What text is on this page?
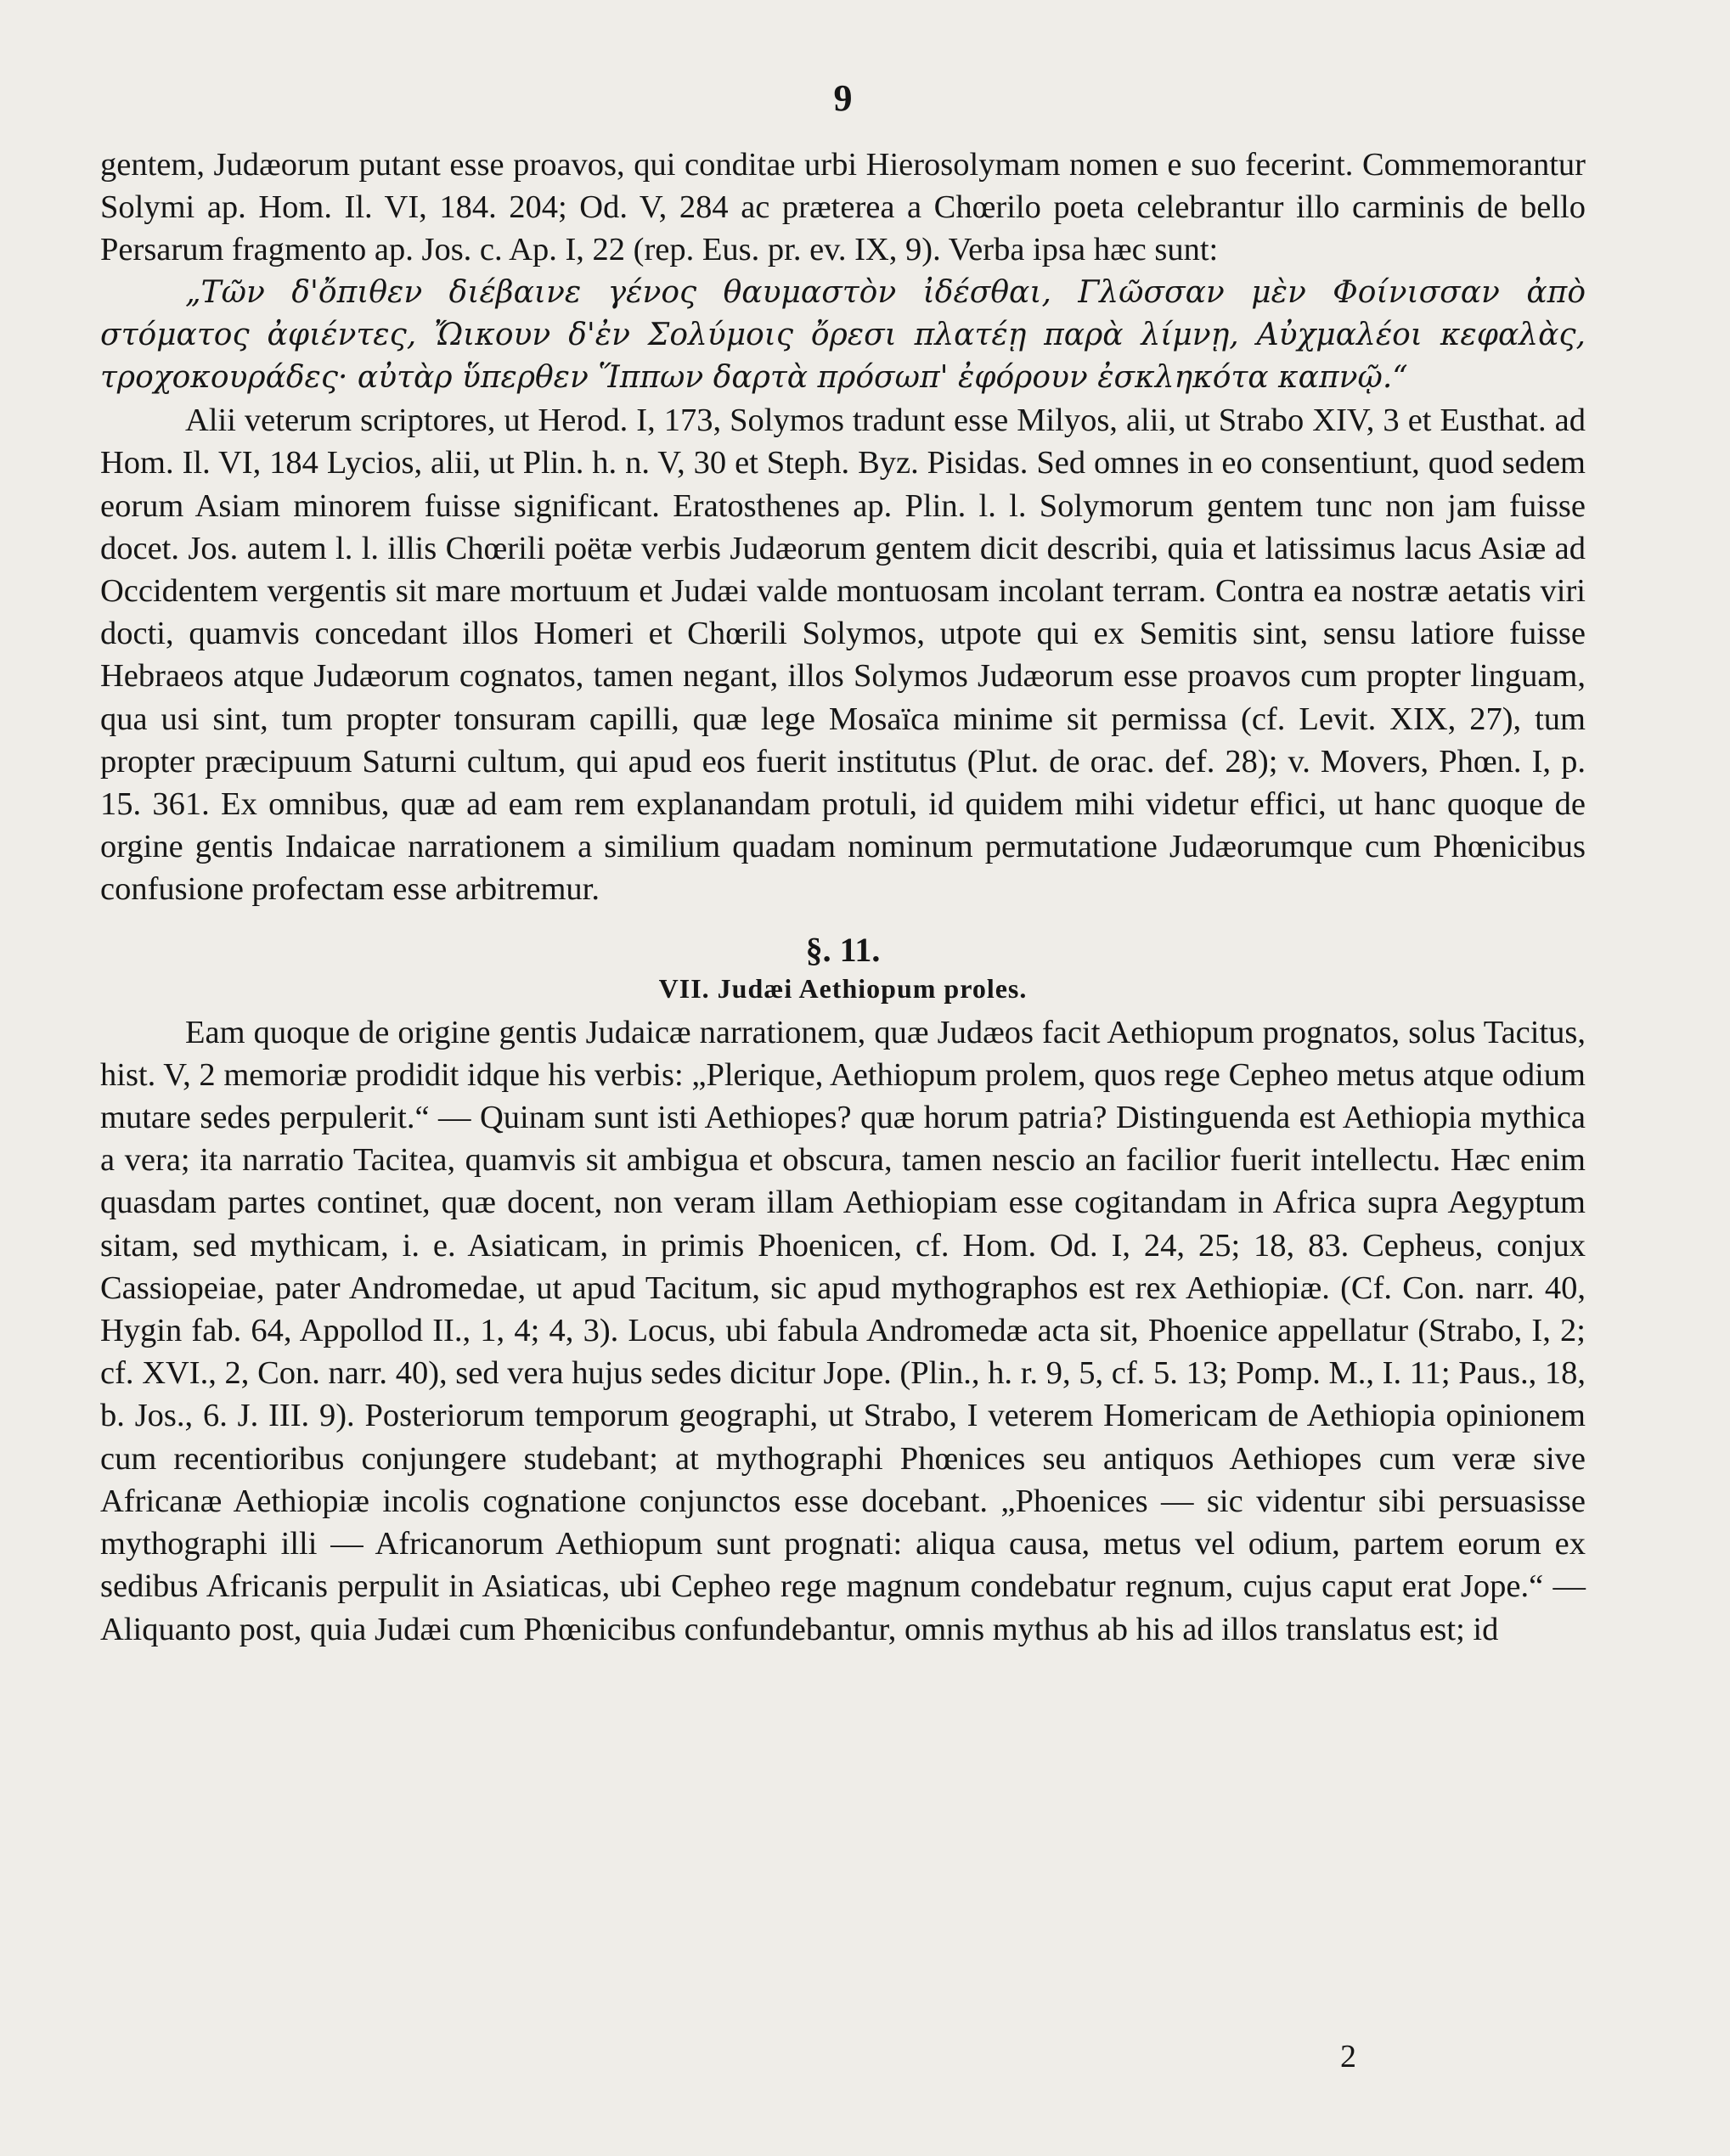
9

gentem, Judæorum putant esse proavos, qui conditae urbi Hierosolymam nomen e suo fecerint. Commemorantur Solymi ap. Hom. Il. VI, 184. 204; Od. V, 284 ac præterea a Chœrilo poeta celebrantur illo carminis de bello Persarum fragmento ap. Jos. c. Ap. I, 22 (rep. Eus. pr. ev. IX, 9). Verba ipsa hæc sunt:

„Τῶν δ'ὄπιθεν διέβαινε γένος θαυμαστὸν ἰδέσθαι, Γλῶσσαν μὲν Φοίνισσαν ἀπὸ στόματος ἀφιέντες, Ὤικουν δ'ἐν Σολύμοις ὄρεσι πλατέῃ παρὰ λίμνῃ, Αὐχμαλέοι κεφαλὰς, τροχοκουράδες· αὐτὰρ ὕπερθεν Ἵππων δαρτὰ πρόσωπ' ἐφόρουν ἐσκληκότα καπνῷ.“

Alii veterum scriptores, ut Herod. I, 173, Solymos tradunt esse Milyos, alii, ut Strabo XIV, 3 et Eusthat. ad Hom. Il. VI, 184 Lycios, alii, ut Plin. h. n. V, 30 et Steph. Byz. Pisidas. Sed omnes in eo consentiunt, quod sedem eorum Asiam minorem fuisse significant. Eratosthenes ap. Plin. l. l. Solymorum gentem tunc non jam fuisse docet. Jos. autem l. l. illis Chœrili poëtæ verbis Judæorum gentem dicit describi, quia et latissimus lacus Asiæ ad Occidentem vergentis sit mare mortuum et Judæi valde montuosam incolant terram. Contra ea nostræ aetatis viri docti, quamvis concedant illos Homeri et Chœrili Solymos, utpote qui ex Semitis sint, sensu latiore fuisse Hebraeos atque Judæorum cognatos, tamen negant, illos Solymos Judæorum esse proavos cum propter linguam, qua usi sint, tum propter tonsuram capilli, quæ lege Mosaïca minime sit permissa (cf. Levit. XIX, 27), tum propter præcipuum Saturni cultum, qui apud eos fuerit institutus (Plut. de orac. def. 28); v. Movers, Phœn. I, p. 15. 361. Ex omnibus, quæ ad eam rem explanandam protuli, id quidem mihi videtur effici, ut hanc quoque de orgine gentis Indaicae narrationem a similium quadam nominum permutatione Judæorumque cum Phœnicibus confusione profectam esse arbitremur.

§. 11.
VII. Judæi Aethiopum proles.

Eam quoque de origine gentis Judaicæ narrationem, quæ Judæos facit Aethiopum prognatos, solus Tacitus, hist. V, 2 memoriæ prodidit idque his verbis: „Plerique, Aethiopum prolem, quos rege Cepheo metus atque odium mutare sedes perpulerit.“ — Quinam sunt isti Aethiopes? quæ horum patria? Distinguenda est Aethiopia mythica a vera; ita narratio Tacitea, quamvis sit ambigua et obscura, tamen nescio an facilior fuerit intellectu. Hæc enim quasdam partes continet, quæ docent, non veram illam Aethiopiam esse cogitandam in Africa supra Aegyptum sitam, sed mythicam, i. e. Asiaticam, in primis Phoenicen, cf. Hom. Od. I, 24, 25; 18, 83. Cepheus, conjux Cassiopeiae, pater Andromedae, ut apud Tacitum, sic apud mythographos est rex Aethiopiæ. (Cf. Con. narr. 40, Hygin fab. 64, Appollod II., 1, 4; 4, 3). Locus, ubi fabula Andromedæ acta sit, Phoenice appellatur (Strabo, I, 2; cf. XVI., 2, Con. narr. 40), sed vera hujus sedes dicitur Jope. (Plin., h. r. 9, 5, cf. 5. 13; Pomp. M., I. 11; Paus., 18, b. Jos., 6. J. III. 9). Posteriorum temporum geographi, ut Strabo, I veterem Homericam de Aethiopia opinionem cum recentioribus conjungere studebant; at mythographi Phœnices seu antiquos Aethiopes cum veræ sive Africanæ Aethiopiæ incolis cognatione conjunctos esse docebant. „Phoenices — sic videntur sibi persuasisse mythographi illi — Africanorum Aethiopum sunt prognati: aliqua causa, metus vel odium, partem eorum ex sedibus Africanis perpulit in Asiaticas, ubi Cepheo rege magnum condebatur regnum, cujus caput erat Jope.“ — Aliquanto post, quia Judæi cum Phœnicibus confundebantur, omnis mythus ab his ad illos translatus est; id

2
